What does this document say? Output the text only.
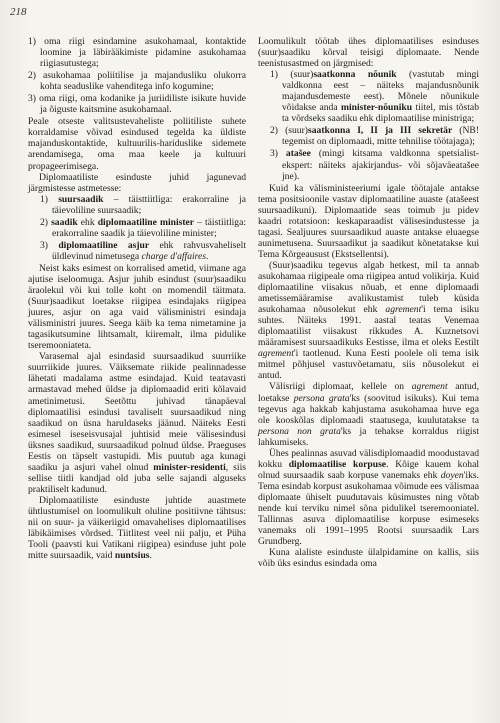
218
1) oma riigi esindamine asukohamaal, kontaktide loomine ja läbirääkimiste pidamine asukohamaa riigiasutustega;
2) asukohamaa poliitilise ja majandusliku olukorra kohta seaduslike vahenditega info kogumine;
3) oma riigi, oma kodanike ja juriidiliste isikute huvide ja õiguste kaitsmine asukohamaal.

Peale otseste valitsustevaheliste poliitiliste suhete korraldamise võivad esindused tegelda ka üldiste majanduskontaktide, kultuurilis-hariduslike sidemete arendamisega, oma maa keele ja kultuuri propageerimisega.

Diplomaatiliste esinduste juhid jagunevad järgmistesse astmetesse:

1) suursaadik – täisttiitliga: erakorraline ja täievoliline suursaadik;
2) saadik ehk diplomaatiline minister – täistiitliga: erakorraline saadik ja täievoliline minister;
3) diplomaatiline asjur ehk rahvusvaheliselt üldlevinud nimetusega charge d'affaires.

Neist kaks esimest on korralised ametid, viimane aga ajutise iseloomuga. Asjur juhib esindust (suur)saadiku äraolekul või kui tolle koht on momendil täitmata. (Suur)saadikut loetakse riigipea esindajaks riigipea juures, asjur on aga vaid välisministri esindaja välisministri juures. Seega käib ka tema nimetamine ja tagasikutsumine lihtsamalt, kiiremalt, ilma pidulike tseremooniateta.

Varasemal ajal esindasid suursaadikud suurriike suurriikide juures. Väiksemate riikide pealinnadesse lähetati madalama astme esindajad. Kuid teatavasti armastavad mehed üldse ja diplomaadid eriti kõlavaid ametinimetusi. Seetõttu juhivad tänapäeval diplomaatilisi esindusi tavaliselt suursaadikud ning saadikud on üsna haruldaseks jäänud. Näiteks Eesti esimesel iseseisvusajal juhtisid meie välisesindusi üksnes saadikud, suursaadikud polnud üldse. Praeguses Eestis on täpselt vastupidi. Mis puutub aga kunagi saadiku ja asjuri vahel olnud minister-residenti, siis sellise tiitli kandjad old juba selle sajandi alguseks praktiliselt kadunud.

Diplomaatiliste esinduste juhtide auastmete ühtlustumisel on loomulikult oluline positiivne tähtsus: nii on suur- ja väikeriigid omavahelises diplomaatilises läbikäimises võrdsed. Tiitlitest veel nii palju, et Püha Tooli (paavsti kui Vatikani riigipea) esinduse juht pole mitte suursaadik, vaid nuntsius.

Loomulikult töötab ühes diplomaatilises esinduses (suur)saadiku kõrval teisigi diplomaate. Nende teenistusastmed on järgmised:

1) (suur)saatkonna nõunik (vastutab mingi valdkonna eest – näiteks majandusnõunik majandusdemeste eest). Mõnele nõunikule võidakse anda minister-nõuniku tiitel, mis tõstab ta võrdseks saadiku ehk diplomaatilise ministriga;
2) (suur)saatkonna I, II ja III sekretär (NB! tegemist on diplomaadi, mitte tehnilise töötajaga);
3) atašee (mingi kitsama valdkonna spetsialist-ekspert: näiteks ajakirjandus- või sõjaväeatašee jne).

Kuid ka välisministeeriumi igale töötajale antakse tema positsioonile vastav diplomaatiline auaste (atašeest suursaadikuni). Diplomaatide seas toimub ju pidev kaadri rotatsioon: keskaparaadist välisesindustesse ja tagasi. Sealjuures suursaadikud auaste antakse eluaegse aunimetusena. Suursaadikut ja saadikut kõnetatakse kui Tema Kõrgeausust (Ekstsellentsi).

(Suur)saadiku tegevus algab hetkest, mil ta annab asukohamaa riigipeale oma riigipea antud volikirja. Kuid diplomaatiline viisakus nõuab, et enne diplomaadi ametissemääramise avalikustamist tuleb küsida asukohamaa nõusolekut ehk agrement'i tema isiku suhtes. Näiteks 1991. aastal teatas Venemaa diplomaatilist viisakust rikkudes A. Kuznetsovi määramisest suursaadikuks Eestisse, ilma et oleks Eestilt agrement'i taotlenud. Kuna Eesti poolele oli tema isik mitmel põhjusel vastuvõetamatu, siis nõusolekut ei antud.

Välisriigi diplomaat, kellele on agrement antud, loetakse persona grata'ks (soovitud isikuks). Kui tema tegevus aga hakkab kahjustama asukohamaa huve ega ole kooskõlas diplomaadi staatusega, kuulutatakse ta persona non grata'ks ja tehakse korraldus riigist lahkumiseks.

Ühes pealinnas asuvad välisdiplomaadid moodustavad kokku diplomaatilise korpuse. Kõige kauem kohal olnud suursaadik saab korpuse vanemaks ehk doyen'iks. Tema esindab korpust asukohamaa võimude ees välismaa diplomaate ühiselt puudutavais küsimustes ning võtab nende kui terviku nimel sõna pidulikel tseremooniatel. Tallinnas asuva diplomaatilise korpuse esimeseks vanemaks oli 1991–1995 Rootsi suursaadik Lars Grundberg.

Kuna alaliste esinduste ülalpidamine on kallis, siis võib üks esindus esindada oma
